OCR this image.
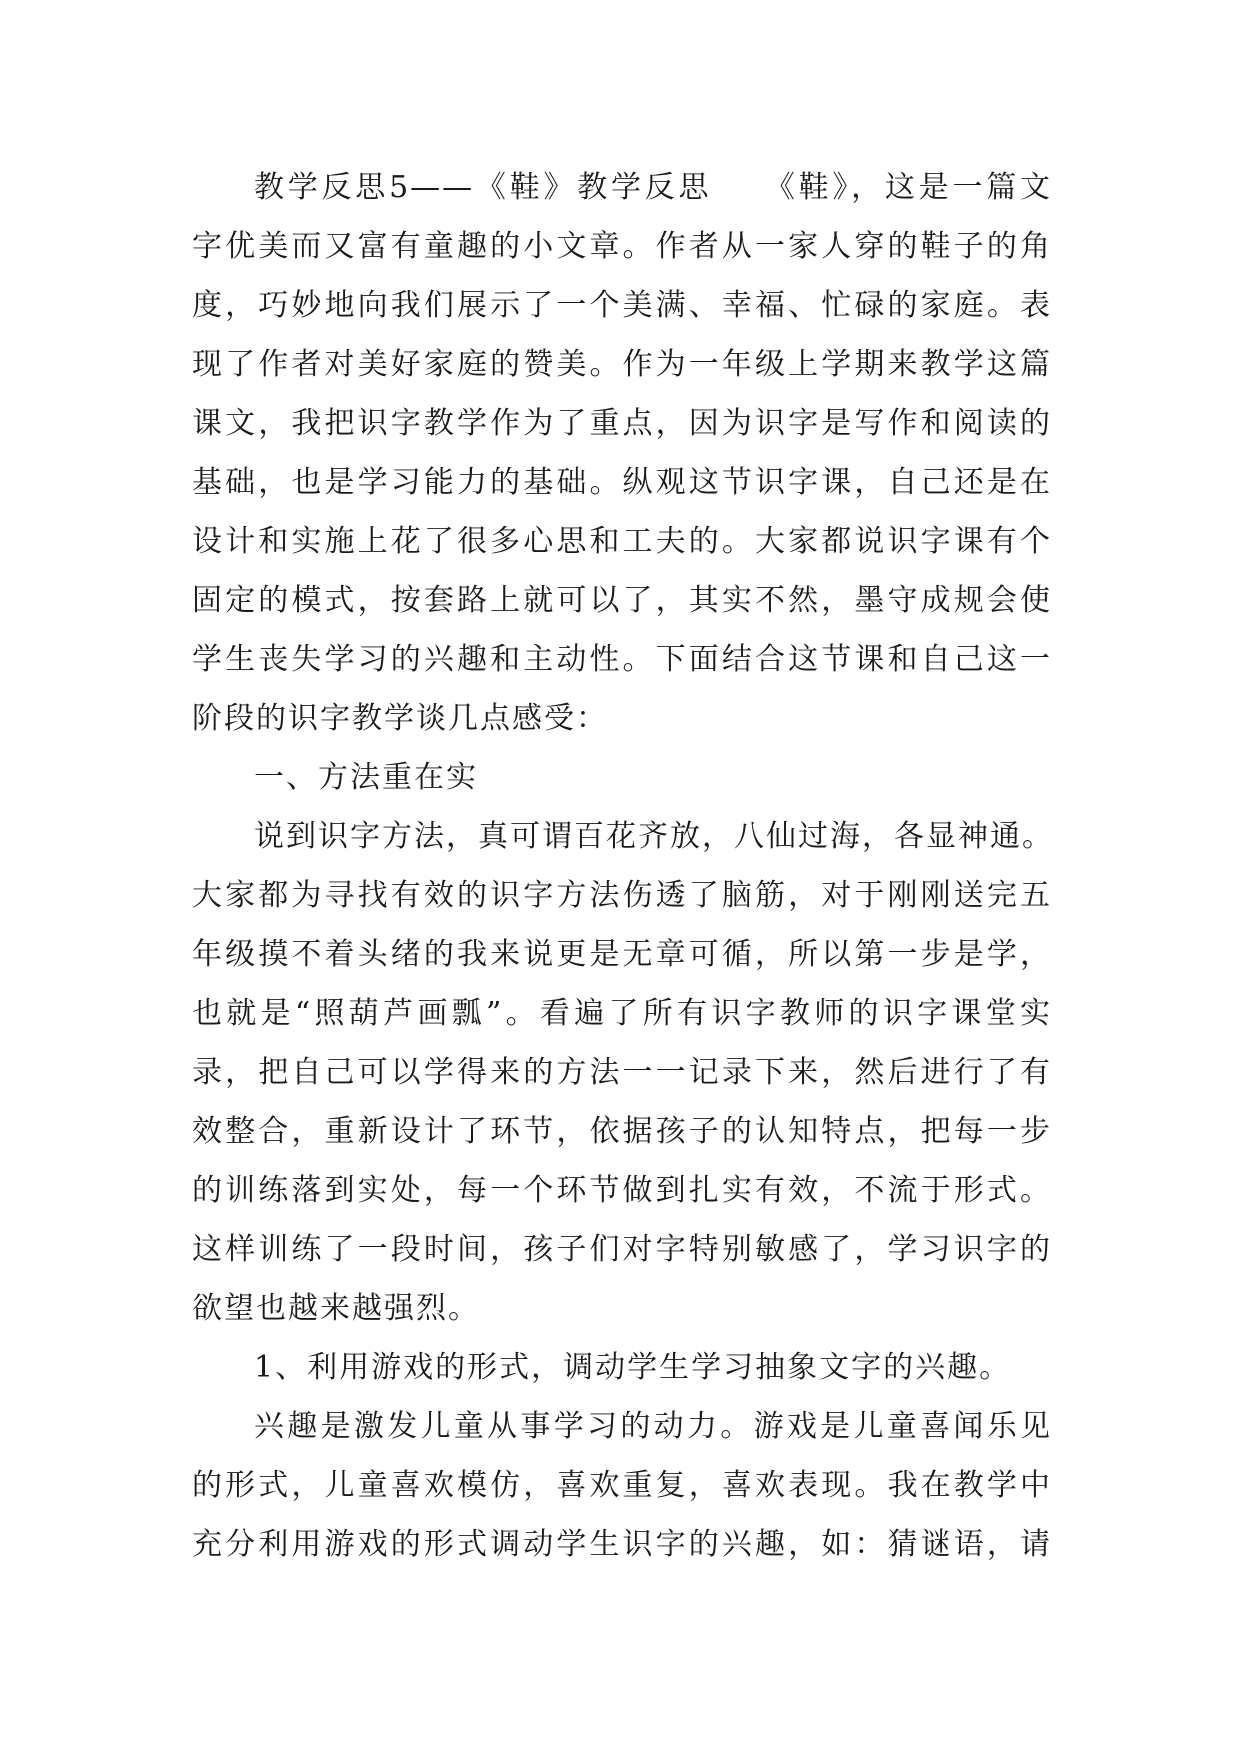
教学反思5——《鞋》教学反思　　《鞋》，这是一篇文
字优美而又富有童趣的小文章。作者从一家人穿的鞋子的角
度，巧妙地向我们展示了一个美满、幸福、忙碌的家庭。表
现了作者对美好家庭的赞美。作为一年级上学期来教学这篇
课文，我把识字教学作为了重点，因为识字是写作和阅读的
基础，也是学习能力的基础。纵观这节识字课，自己还是在
设计和实施上花了很多心思和工夫的。大家都说识字课有个
固定的模式，按套路上就可以了，其实不然，墨守成规会使
学生丧失学习的兴趣和主动性。下面结合这节课和自己这一
阶段的识字教学谈几点感受：
一、方法重在实
说到识字方法，真可谓百花齐放，八仙过海，各显神通。
大家都为寻找有效的识字方法伤透了脑筋，对于刚刚送完五
年级摸不着头绪的我来说更是无章可循，所以第一步是学，
也就是“照葫芦画瓢”。看遍了所有识字教师的识字课堂实
录，把自己可以学得来的方法一一记录下来，然后进行了有
效整合，重新设计了环节，依据孩子的认知特点，把每一步
的训练落到实处，每一个环节做到扎实有效，不流于形式。
这样训练了一段时间，孩子们对字特别敏感了，学习识字的
欲望也越来越强烈。
1、利用游戏的形式，调动学生学习抽象文字的兴趣。
兴趣是激发儿童从事学习的动力。游戏是儿童喜闻乐见
的形式，儿童喜欢模仿，喜欢重复，喜欢表现。我在教学中
充分利用游戏的形式调动学生识字的兴趣，如：猜谜语，请
